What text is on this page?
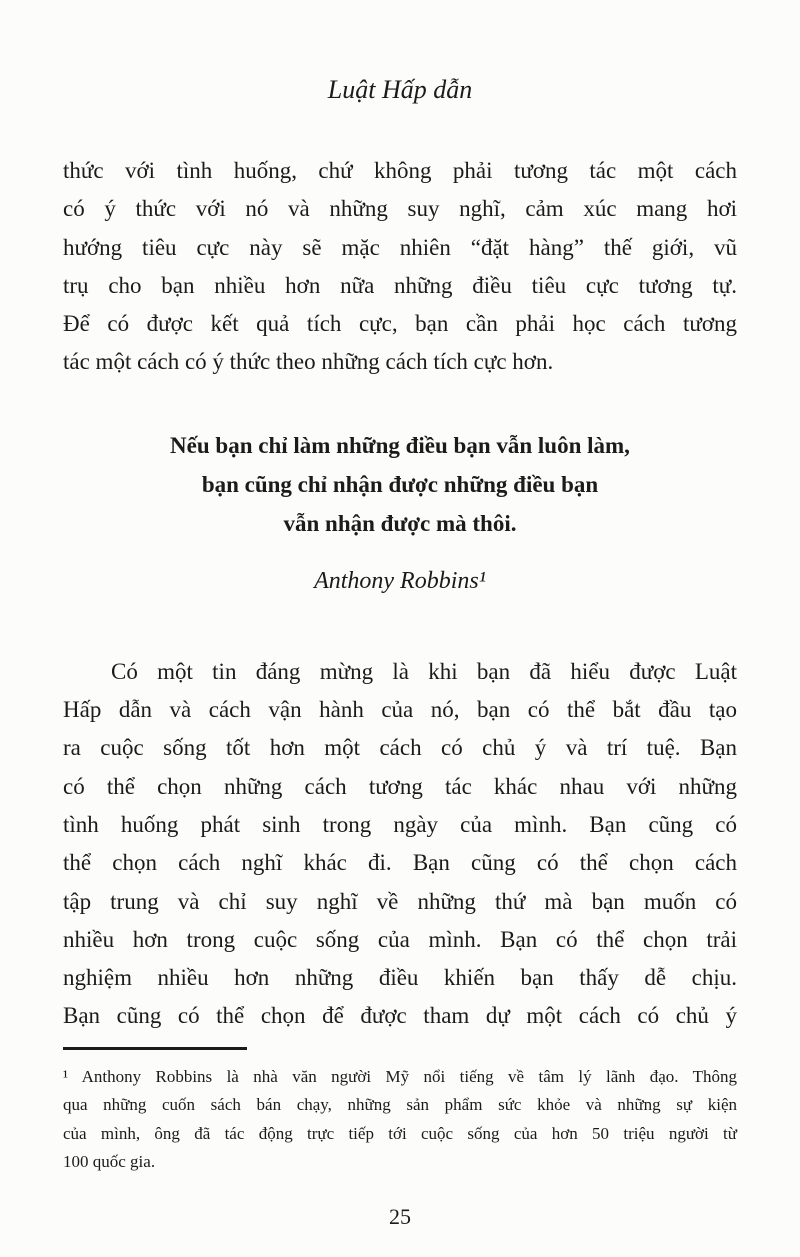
Luật Hấp dẫn
thức với tình huống, chứ không phải tương tác một cách
có ý thức với nó và những suy nghĩ, cảm xúc mang hơi
hướng tiêu cực này sẽ mặc nhiên “đặt hàng” thế giới, vũ
trụ cho bạn nhiều hơn nữa những điều tiêu cực tương tự.
Để có được kết quả tích cực, bạn cần phải học cách tương
tác một cách có ý thức theo những cách tích cực hơn.
Nếu bạn chỉ làm những điều bạn vẫn luôn làm,
bạn cũng chỉ nhận được những điều bạn
vẫn nhận được mà thôi.
Anthony Robbins¹
Có một tin đáng mừng là khi bạn đã hiểu được Luật
Hấp dẫn và cách vận hành của nó, bạn có thể bắt đầu tạo
ra cuộc sống tốt hơn một cách có chủ ý và trí tuệ. Bạn
có thể chọn những cách tương tác khác nhau với những
tình huống phát sinh trong ngày của mình. Bạn cũng có
thể chọn cách nghĩ khác đi. Bạn cũng có thể chọn cách
tập trung và chỉ suy nghĩ về những thứ mà bạn muốn có
nhiều hơn trong cuộc sống của mình. Bạn có thể chọn trải
nghiệm nhiều hơn những điều khiến bạn thấy dễ chịu.
Bạn cũng có thể chọn để được tham dự một cách có chủ ý
¹ Anthony Robbins là nhà văn người Mỹ nổi tiếng về tâm lý lãnh đạo. Thông
qua những cuốn sách bán chạy, những sản phẩm sức khỏe và những sự kiện
của mình, ông đã tác động trực tiếp tới cuộc sống của hơn 50 triệu người từ
100 quốc gia.
25
